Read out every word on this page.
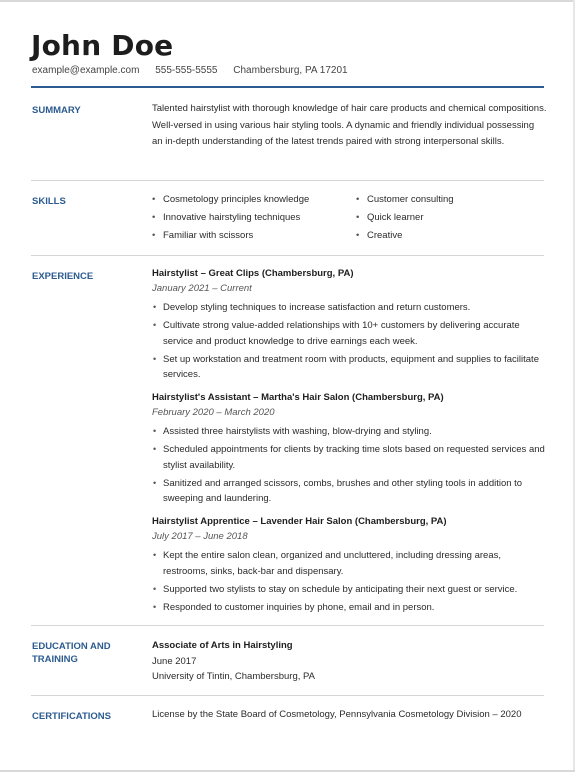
John Doe
example@example.com 555-555-5555 Chambersburg, PA 17201
SUMMARY	Talented hairstylist with thorough knowledge of hair care products and chemical compositions. Well-versed in using various hair styling tools. A dynamic and friendly individual possessing an in-depth understanding of the latest trends paired with strong interpersonal skills.
SKILLS	• Cosmetology principles knowledge
• Innovative hairstyling techniques
• Familiar with scissors
• Customer consulting
• Quick learner
• Creative
EXPERIENCE	Hairstylist – Great Clips (Chambersburg, PA)
January 2021 – Current
• Develop styling techniques to increase satisfaction and return customers.
• Cultivate strong value-added relationships with 10+ customers by delivering accurate service and product knowledge to drive earnings each week.
• Set up workstation and treatment room with products, equipment and supplies to facilitate services.
Hairstylist's Assistant – Martha's Hair Salon (Chambersburg, PA)
February 2020 – March 2020
• Assisted three hairstylists with washing, blow-drying and styling.
• Scheduled appointments for clients by tracking time slots based on requested services and stylist availability.
• Sanitized and arranged scissors, combs, brushes and other styling tools in addition to sweeping and laundering.
Hairstylist Apprentice – Lavender Hair Salon (Chambersburg, PA)
July 2017 – June 2018
• Kept the entire salon clean, organized and uncluttered, including dressing areas, restrooms, sinks, back-bar and dispensary.
• Supported two stylists to stay on schedule by anticipating their next guest or service.
• Responded to customer inquiries by phone, email and in person.
EDUCATION AND
TRAINING
Associate of Arts in Hairstyling
June 2017
University of Tintin, Chambersburg, PA
CERTIFICATIONS	License by the State Board of Cosmetology, Pennsylvania Cosmetology Division – 2020
